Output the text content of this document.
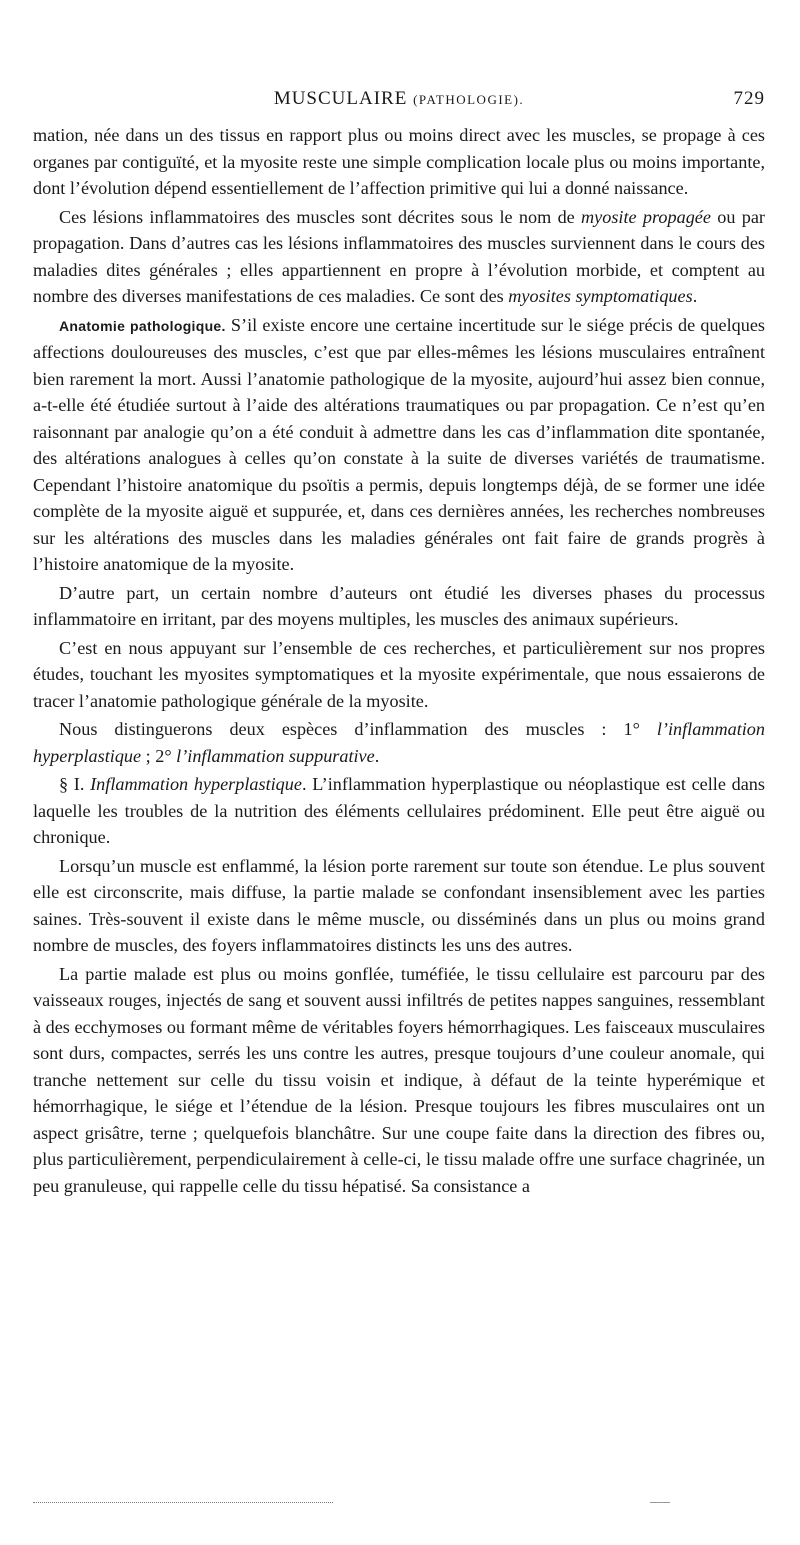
MUSCULAIRE (PATHOLOGIE).	729

mation, née dans un des tissus en rapport plus ou moins direct avec les muscles, se propage à ces organes par contiguïté, et la myosite reste une simple complication locale plus ou moins importante, dont l’évolution dépend essentiellement de l’affection primitive qui lui a donné naissance.

Ces lésions inflammatoires des muscles sont décrites sous le nom de myosite propagée ou par propagation. Dans d’autres cas les lésions inflammatoires des muscles surviennent dans le cours des maladies dites générales ; elles appartiennent en propre à l’évolution morbide, et comptent au nombre des diverses manifestations de ces maladies. Ce sont des myosites symptomatiques.

Anatomie pathologique. S’il existe encore une certaine incertitude sur le siége précis de quelques affections douloureuses des muscles, c’est que par elles-mêmes les lésions musculaires entraînent bien rarement la mort. Aussi l’anatomie pathologique de la myosite, aujourd’hui assez bien connue, a-t-elle été étudiée surtout à l’aide des altérations traumatiques ou par propagation. Ce n’est qu’en raisonnant par analogie qu’on a été conduit à admettre dans les cas d’inflammation dite spontanée, des altérations analogues à celles qu’on constate à la suite de diverses variétés de traumatisme. Cependant l’histoire anatomique du psoïtis a permis, depuis longtemps déjà, de se former une idée complète de la myosite aiguë et suppurée, et, dans ces dernières années, les recherches nombreuses sur les altérations des muscles dans les maladies générales ont fait faire de grands progrès à l’histoire anatomique de la myosite.

D’autre part, un certain nombre d’auteurs ont étudié les diverses phases du processus inflammatoire en irritant, par des moyens multiples, les muscles des animaux supérieurs.

C’est en nous appuyant sur l’ensemble de ces recherches, et particulièrement sur nos propres études, touchant les myosites symptomatiques et la myosite expérimentale, que nous essaierons de tracer l’anatomie pathologique générale de la myosite.

Nous distinguerons deux espèces d’inflammation des muscles : 1° l’inflammation hyperplastique ; 2° l’inflammation suppurative.

§ I. Inflammation hyperplastique. L’inflammation hyperplastique ou néoplastique est celle dans laquelle les troubles de la nutrition des éléments cellulaires prédominent. Elle peut être aiguë ou chronique.

Lorsqu’un muscle est enflammé, la lésion porte rarement sur toute son étendue. Le plus souvent elle est circonscrite, mais diffuse, la partie malade se confondant insensiblement avec les parties saines. Très-souvent il existe dans le même muscle, ou disséminés dans un plus ou moins grand nombre de muscles, des foyers inflammatoires distincts les uns des autres.

La partie malade est plus ou moins gonflée, tuméfiée, le tissu cellulaire est parcouru par des vaisseaux rouges, injectés de sang et souvent aussi infiltrés de petites nappes sanguines, ressemblant à des ecchymoses ou formant même de véritables foyers hémorrhagiques. Les faisceaux musculaires sont durs, compactes, serrés les uns contre les autres, presque toujours d’une couleur anomale, qui tranche nettement sur celle du tissu voisin et indique, à défaut de la teinte hyperémique et hémorrhagique, le siége et l’étendue de la lésion. Presque toujours les fibres musculaires ont un aspect grisâtre, terne ; quelquefois blanchâtre. Sur une coupe faite dans la direction des fibres ou, plus particulièrement, perpendiculairement à celle-ci, le tissu malade offre une surface chagrinée, un peu granuleuse, qui rappelle celle du tissu hépatisé. Sa consistance a
